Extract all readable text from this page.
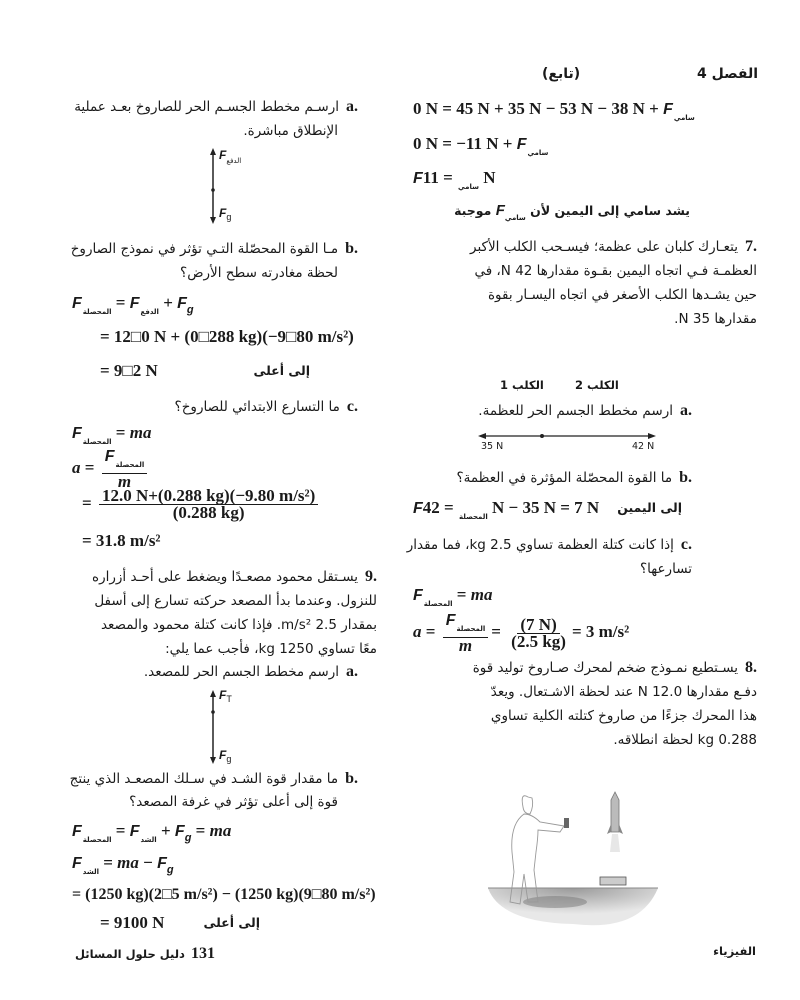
الفصل 4
(تابع)
0 N = 45 N + 35 N − 53 N − 38 $N + F_{سامي}$
0 N = −11 $N + F_{سامي}$
F	$_{سامي}$ = 11 N
يشد سامي إلى اليمين لأن $F_{سامي}$ موجبة
7.يتعـارك كلبان على عظمة؛ فيسـحب الكلب الأكبر
العظمـة فـي اتجاه اليمين بقـوة مقدارها 42 N، في
حين يشـدها الكلب الأصغر في اتجاه اليسـار بقوة
مقدارها 35 N.
الكلب 1	الكلب 2
a.ارسم مخطط الجسم الحر للعظمة.
35 N	42 N
b.ما القوة المحصّلة المؤثرة في العظمة؟
F	$_{المحصلة}$ = 42 N − 35 N = 7 N إلى اليمين
c.إذا كانت كتلة العظمة تساوي 2.5 kg، فما مقدار
تسارعها؟
$F_{المحصلة}$ = ma
$a = \frac{F_{المحصلة}}{m} = \frac{(7 N)}{(2.5 kg)} = 3$ m/s²
8.يسـتطيع نمـوذج ضخم لمحرك صـاروخ توليد قوة
دفـع مقدارها 12.0 N عند لحظة الاشـتعال. ويعدّ
هذا المحرك جزءًا من صاروخ كتلته الكلية تساوي
0.288 kg لحظة انطلاقه.
الفيزياء
a.ارسـم مخطط الجسـم الحر للصاروخ بعـد عملية
الإنطلاق مباشرة.
$F_{الدفع}$
$F_g$
b.مـا القوة المحصّلة التـي تؤثر في نموذج الصاروخ
لحظة مغادرته سطح الأرض؟
$F_{المحصلة} = F_{الدفع} + F_g$
= 12□0 N + (0□288 kg)(−9□80 m/s²)
= 9□2 N	إلى أعلى
c.ما التسارع الابتدائي للصاروخ؟
$F_{المحصلة}$ = ma
$a = \frac{F_{المحصلة}}{m}$
= $\frac{\text{12.0 N+(0.288 kg)(−9.80 m/s²)}}{(0.288 kg)}$
= 31.8 m/s²
9.يسـتقل محمود مصعـدًا ويضغط على أحـد أزراره
للنزول. وعندما بدأ المصعد حركته تسارع إلى أسفل
بمقدار 2.5 m/s². فإذا كانت كتلة محمود والمصعد
معًا تساوي 1250 kg، فأجب عما يلي:
a.ارسم مخطط الجسم الحر للمصعد.
$F_T$
$F_g$
b.ما مقدار قوة الشـد في سـلك المصعـد الذي ينتج
قوة إلى أعلى تؤثر في غرفة المصعد؟
$F_{المحصلة} = F_{الشد} + F_g$ = ma
$F_{الشد}$ = ma − $F_g$
= (1250 kg)(2□5 m/s²) − (1250 kg)(9□80 m/s²)
= 9100 N	إلى أعلى
131دليل حلول المسائل
